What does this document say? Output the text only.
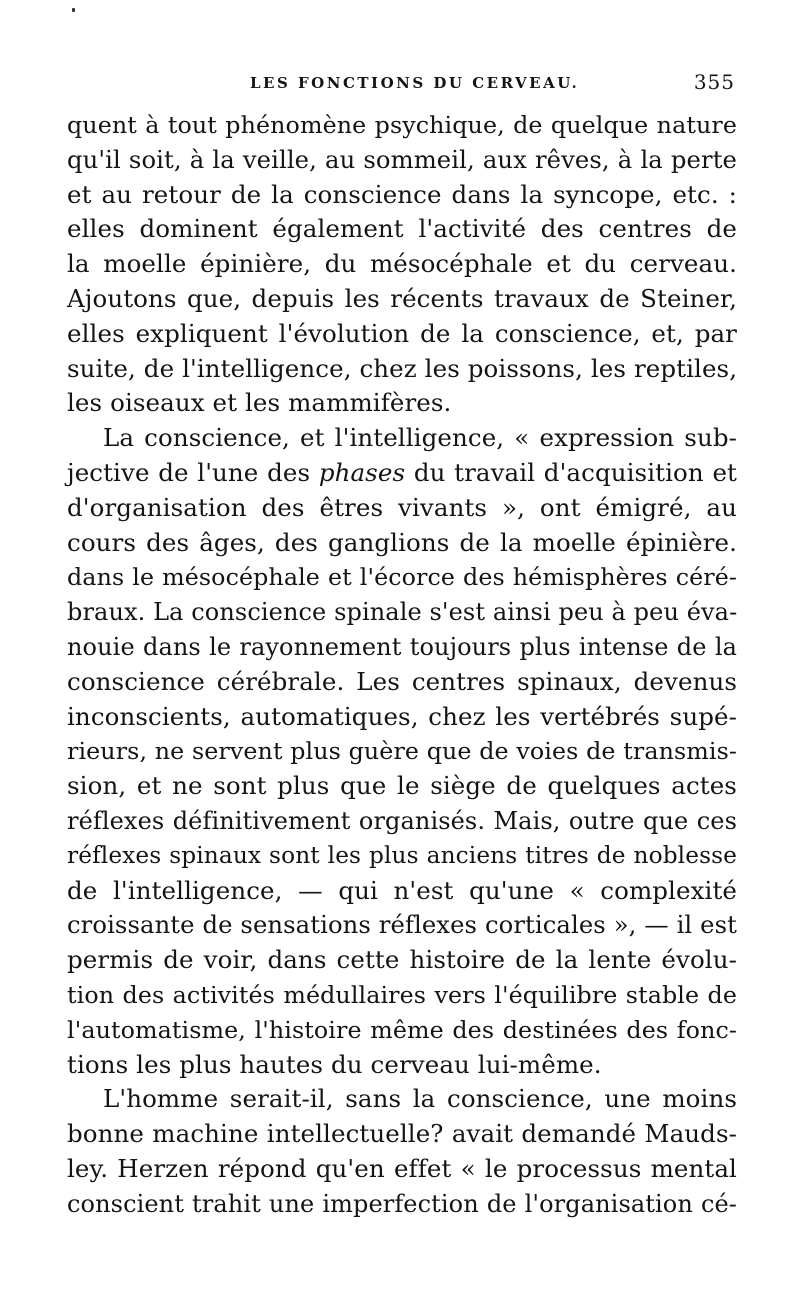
LES FONCTIONS DU CERVEAU.	355
quent à tout phénomène psychique, de quelque nature
qu'il soit, à la veille, au sommeil, aux rêves, à la perte
et au retour de la conscience dans la syncope, etc. :
elles dominent également l'activité des centres de
la moelle épinière, du mésocéphale et du cerveau.
Ajoutons que, depuis les récents travaux de Steiner,
elles expliquent l'évolution de la conscience, et, par
suite, de l'intelligence, chez les poissons, les reptiles,
les oiseaux et les mammifères.
La conscience, et l'intelligence, « expression sub-
jective de l'une des phases du travail d'acquisition et
d'organisation des êtres vivants », ont émigré, au
cours des âges, des ganglions de la moelle épinière.
dans le mésocéphale et l'écorce des hémisphères céré-
braux. La conscience spinale s'est ainsi peu à peu éva-
nouie dans le rayonnement toujours plus intense de la
conscience cérébrale. Les centres spinaux, devenus
inconscients, automatiques, chez les vertébrés supé-
rieurs, ne servent plus guère que de voies de transmis-
sion, et ne sont plus que le siège de quelques actes
réflexes définitivement organisés. Mais, outre que ces
réflexes spinaux sont les plus anciens titres de noblesse
de l'intelligence, — qui n'est qu'une « complexité
croissante de sensations réflexes corticales », — il est
permis de voir, dans cette histoire de la lente évolu-
tion des activités médullaires vers l'équilibre stable de
l'automatisme, l'histoire même des destinées des fonc-
tions les plus hautes du cerveau lui-même.
L'homme serait-il, sans la conscience, une moins
bonne machine intellectuelle? avait demandé Mauds-
ley. Herzen répond qu'en effet « le processus mental
conscient trahit une imperfection de l'organisation cé-
